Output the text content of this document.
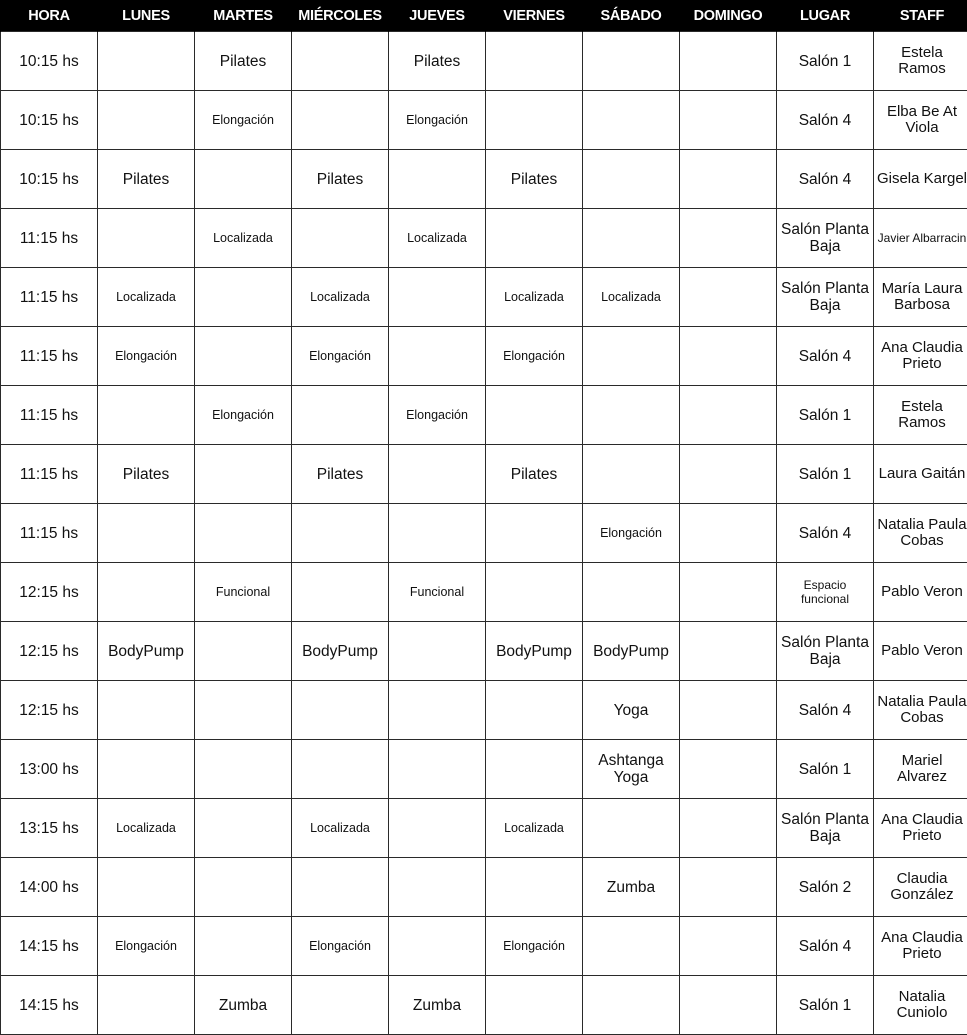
HORA	LUNES	MARTES	MIÉRCOLES	JUEVES	VIERNES	SÁBADO	DOMINGO	LUGAR	STAFF
10:15 hs		Pilates		Pilates				Salón 1	Estela Ramos
10:15 hs		Elongación		Elongación				Salón 4	Elba Be At Viola
10:15 hs	Pilates		Pilates		Pilates			Salón 4	Gisela Kargel
11:15 hs		Localizada		Localizada				Salón Planta Baja	Javier Albarracin
11:15 hs	Localizada		Localizada		Localizada	Localizada		Salón Planta Baja	María Laura Barbosa
11:15 hs	Elongación		Elongación		Elongación			Salón 4	Ana Claudia Prieto
11:15 hs		Elongación		Elongación				Salón 1	Estela Ramos
11:15 hs	Pilates		Pilates		Pilates			Salón 1	Laura Gaitán
11:15 hs						Elongación		Salón 4	Natalia Paula Cobas
12:15 hs		Funcional		Funcional				Espacio funcional	Pablo Veron
12:15 hs	BodyPump		BodyPump		BodyPump	BodyPump		Salón Planta Baja	Pablo Veron
12:15 hs						Yoga		Salón 4	Natalia Paula Cobas
13:00 hs						Ashtanga Yoga		Salón 1	Mariel Alvarez
13:15 hs	Localizada		Localizada		Localizada			Salón Planta Baja	Ana Claudia Prieto
14:00 hs						Zumba		Salón 2	Claudia González
14:15 hs	Elongación		Elongación		Elongación			Salón 4	Ana Claudia Prieto
14:15 hs		Zumba		Zumba				Salón 1	Natalia Cuniolo
